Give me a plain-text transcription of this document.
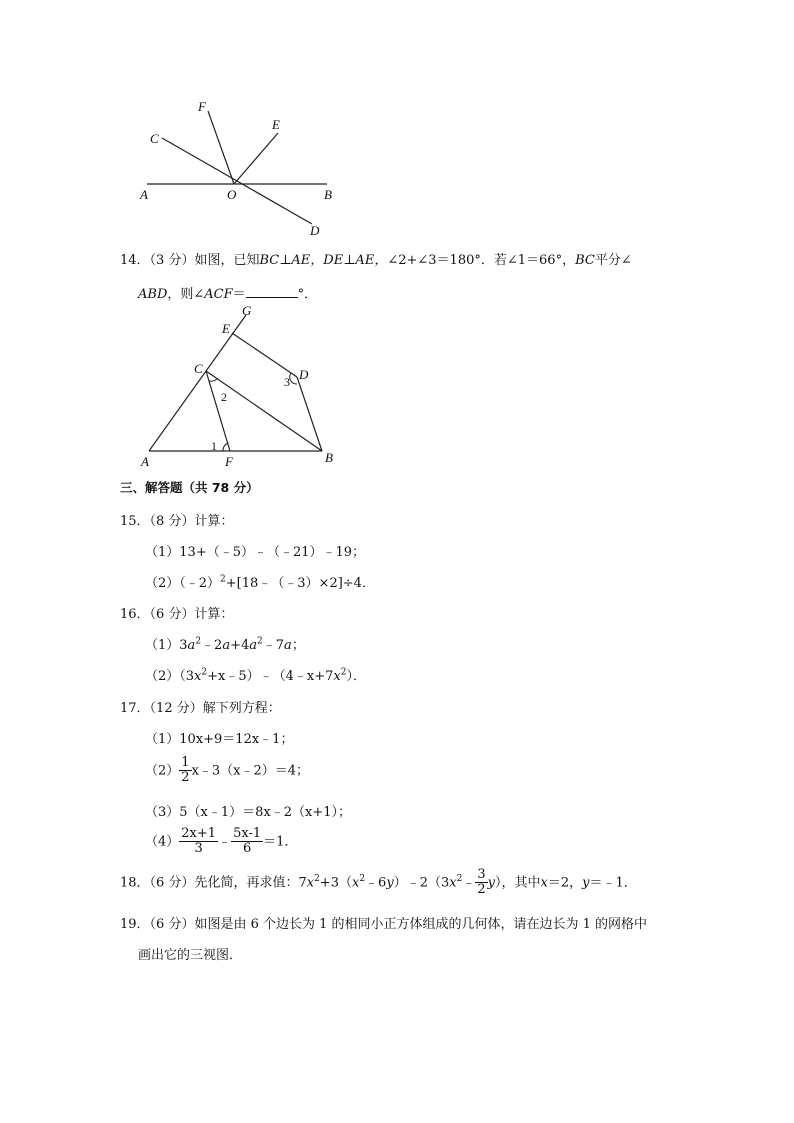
F
E
C
A	O	B
D
14．（3 分）如图，已知BC⊥AE，DE⊥AE，∠2+∠3＝180°．若∠1＝66°，BC平分∠
ABD，则∠ACF＝	°．
G
E
C	D
3
2
1
A	F	B
三、解答题（共 78 分）
15．（8 分）计算：
（1）13+（﹣5）﹣（﹣21）﹣19；
（2）（﹣2）$^2$+[18﹣（﹣3）×2]÷4．
16．（6 分）计算：
$(1)3a^2﹣2a+4a^2﹣7a$；
$(2)(3x^2+x﹣5)﹣(4﹣x+7x^2)$．
17．（12 分）解下列方程：
（1）10x+9＝12x﹣1；
$(2) \frac{1}{2}$ x﹣3（x﹣2）＝4；
（3）5（x﹣1）＝8x﹣2（x+1）；
$(4) \frac{2x+1}{3}$ ﹣ $\frac{5x-1}{6} =1$．
18．（6 分）先化简，再求值：$7x^2+3(x^2﹣6y)﹣2(3x^2﹣ \frac{3}{2} y)$，其中x＝2，y＝﹣1．
19．（6 分）如图是由 6 个边长为 1 的相同小正方体组成的几何体，请在边长为 1 的网格中
画出它的三视图．
